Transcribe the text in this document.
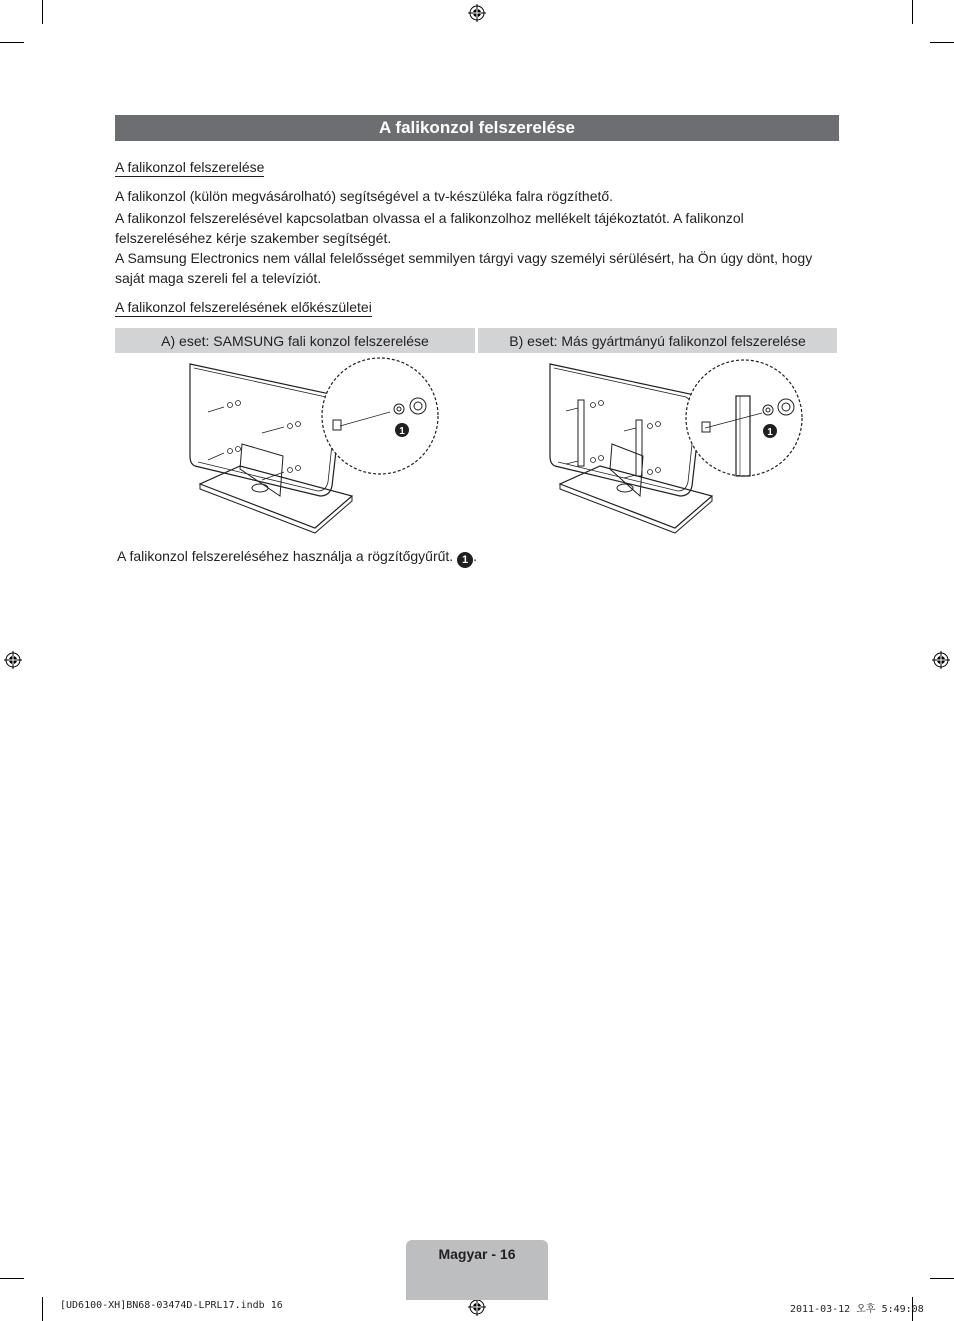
A falikonzol felszerelése
A falikonzol felszerelése
A falikonzol (külön megvásárolható) segítségével a tv-készüléka falra rögzíthető.
A falikonzol felszerelésével kapcsolatban olvassa el a falikonzolhoz mellékelt tájékoztatót. A falikonzol felszereléséhez kérje szakember segítségét.
A Samsung Electronics nem vállal felelősséget semmilyen tárgyi vagy személyi sérülésért, ha Ön úgy dönt, hogy saját maga szereli fel a televíziót.
A falikonzol felszerelésének előkészületei
A) eset: SAMSUNG fali konzol felszerelése	B) eset: Más gyártmányú falikonzol felszerelése
1	1
A falikonzol felszereléséhez használja a rögzítőgyűrűt. 1 .
Magyar - 16
[UD6100-XH]BN68-03474D-LPRL17.indb 16	2011-03-12 오후 5:49:08
